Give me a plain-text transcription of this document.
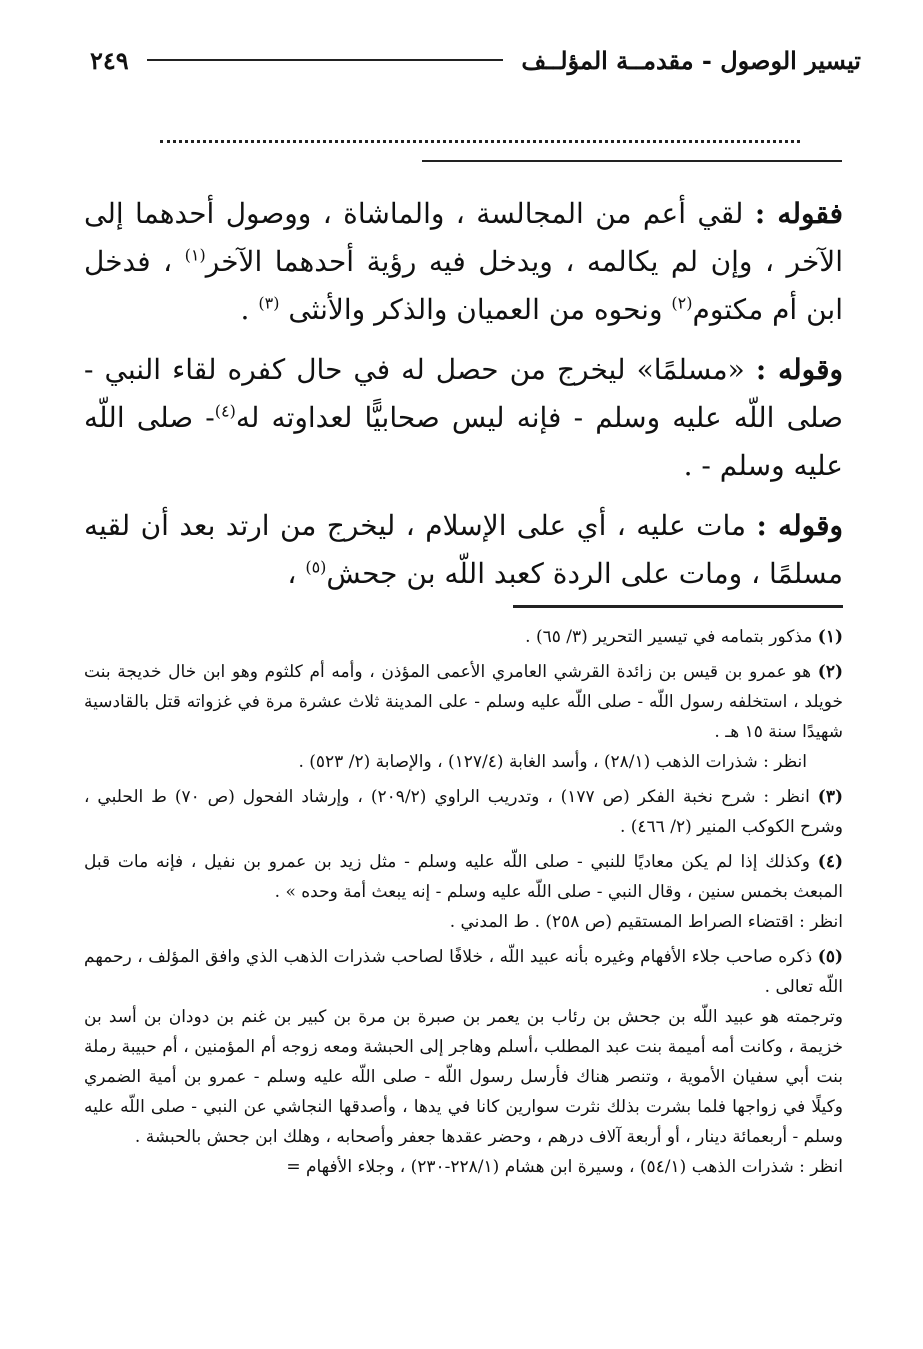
تيسير الوصول - مقدمــة المؤلــف
٢٤٩

فقوله : لقي أعم من المجالسة ، والماشاة ، ووصول أحدهما إلى الآخر ، وإن لم يكالمه ، ويدخل فيه رؤية أحدهما الآخر$^{(١)}$ ، فدخل ابن أم مكتوم$^{(٢)}$ ونحوه من العميان والذكر والأنثى $^{(٣)}$ .

وقوله : «مسلمًا» ليخرج من حصل له في حال كفره لقاء النبي - صلى اللّه عليه وسلم - فإنه ليس صحابيًّا لعداوته له$^{(٤)}$- صلى اللّه عليه وسلم - .

وقوله : مات عليه ، أي على الإسلام ، ليخرج من ارتد بعد أن لقيه مسلمًا ، ومات على الردة كعبد اللّه بن جحش$^{(٥)}$ ،

(١) مذكور بتمامه في تيسير التحرير (٣/ ٦٥) .
(٢) هو عمرو بن قيس بن زائدة القرشي العامري الأعمى المؤذن ، وأمه أم كلثوم وهو ابن خال خديجة بنت خويلد ، استخلفه رسول اللّه - صلى اللّه عليه وسلم - على المدينة ثلاث عشرة مرة في غزواته قتل بالقادسية شهيدًا سنة ١٥ هـ .
انظر : شذرات الذهب (٢٨/١) ، وأسد الغابة (١٢٧/٤) ، والإصابة (٢/ ٥٢٣) .
(٣) انظر : شرح نخبة الفكر (ص ١٧٧) ، وتدريب الراوي (٢٠٩/٢) ، وإرشاد الفحول (ص ٧٠) ط الحلبي ، وشرح الكوكب المنير (٢/ ٤٦٦) .
(٤) وكذلك إذا لم يكن معاديًا للنبي - صلى اللّه عليه وسلم - مثل زيد بن عمرو بن نفيل ، فإنه مات قبل المبعث بخمس سنين ، وقال النبي - صلى اللّه عليه وسلم - إنه يبعث أمة وحده » .
انظر : اقتضاء الصراط المستقيم (ص ٢٥٨) . ط المدني .
(٥) ذكره صاحب جلاء الأفهام وغيره بأنه عبيد اللّه ، خلافًا لصاحب شذرات الذهب الذي وافق المؤلف ، رحمهم اللّه تعالى .
وترجمته هو عبيد اللّه بن جحش بن رئاب بن يعمر بن صبرة بن مرة بن كبير بن غنم بن دودان بن أسد بن خزيمة ، وكانت أمه أميمة بنت عبد المطلب ،أسلم وهاجر إلى الحبشة ومعه زوجه أم المؤمنين ، أم حبيبة رملة بنت أبي سفيان الأموية ، وتنصر هناك فأرسل رسول اللّه - صلى اللّه عليه وسلم - عمرو بن أمية الضمري وكيلًا في زواجها فلما بشرت بذلك نثرت سوارين كانا في يدها ، وأصدقها النجاشي عن النبي - صلى اللّه عليه وسلم - أربعمائة دينار ، أو أربعة آلاف درهم ، وحضر عقدها جعفر وأصحابه ، وهلك ابن جحش بالحبشة .
انظر : شذرات الذهب (٥٤/١) ، وسيرة ابن هشام (٢٢٨/١-٢٣٠) ، وجلاء الأفهام =
